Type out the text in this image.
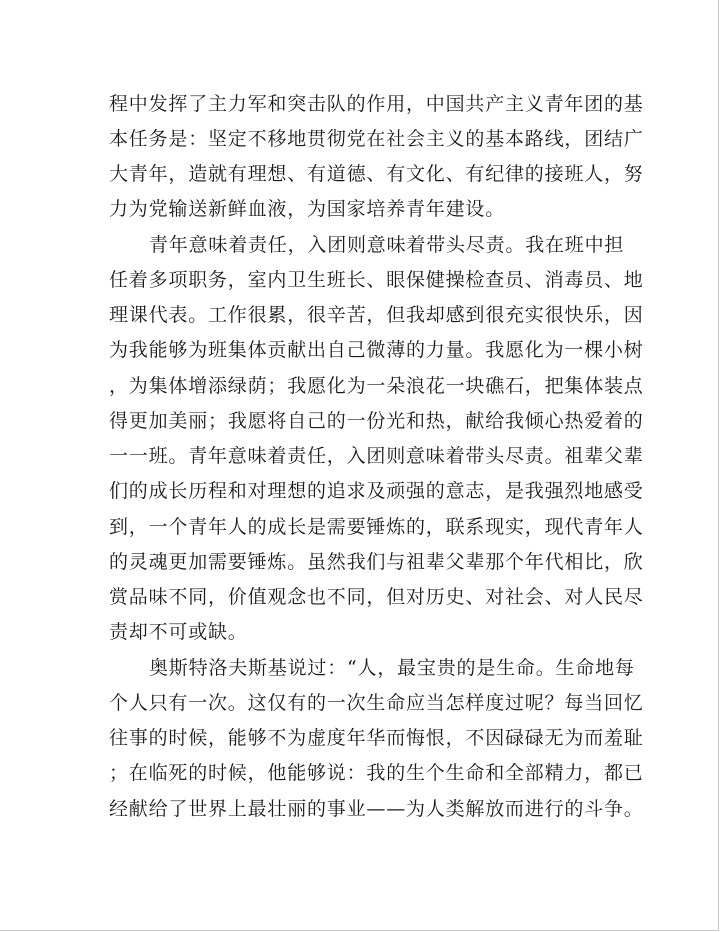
程中发挥了主力军和突击队的作用，中国共产主义青年团的基
本任务是：坚定不移地贯彻党在社会主义的基本路线，团结广
大青年，造就有理想、有道德、有文化、有纪律的接班人，努
力为党输送新鲜血液，为国家培养青年建设。
青年意味着责任，入团则意味着带头尽责。我在班中担
任着多项职务，室内卫生班长、眼保健操检查员、消毒员、地
理课代表。工作很累，很辛苦，但我却感到很充实很快乐，因
为我能够为班集体贡献出自己微薄的力量。我愿化为一棵小树
，为集体增添绿荫；我愿化为一朵浪花一块礁石，把集体装点
得更加美丽；我愿将自己的一份光和热，献给我倾心热爱着的
一一班。青年意味着责任，入团则意味着带头尽责。祖辈父辈
们的成长历程和对理想的追求及顽强的意志，是我强烈地感受
到，一个青年人的成长是需要锤炼的，联系现实，现代青年人
的灵魂更加需要锤炼。虽然我们与祖辈父辈那个年代相比，欣
赏品味不同，价值观念也不同，但对历史、对社会、对人民尽
责却不可或缺。
奥斯特洛夫斯基说过：“人，最宝贵的是生命。生命地每
个人只有一次。这仅有的一次生命应当怎样度过呢？每当回忆
往事的时候，能够不为虚度年华而悔恨，不因碌碌无为而羞耻
；在临死的时候，他能够说：我的生个生命和全部精力，都已
经献给了世界上最壮丽的事业——为人类解放而进行的斗争。
